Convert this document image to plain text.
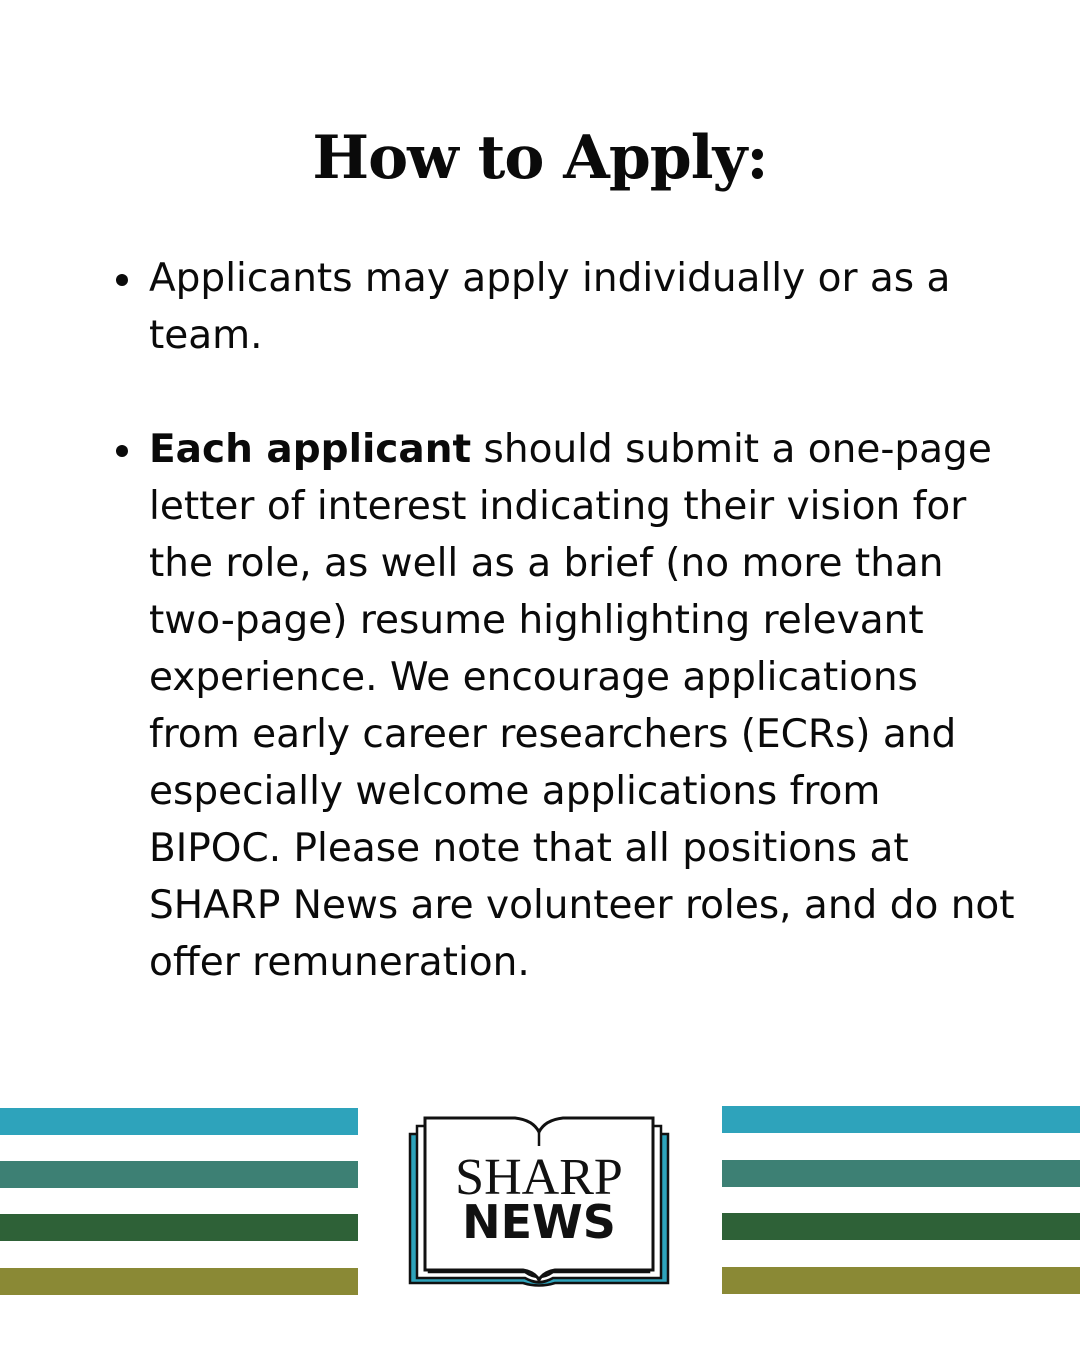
How to Apply:
Applicants may apply individually or as a team.
Each applicant should submit a one-page letter of interest indicating their vision for the role, as well as a brief (no more than two-page) resume highlighting relevant experience. We encourage applications from early career researchers (ECRs) and especially welcome applications from BIPOC. Please note that all positions at SHARP News are volunteer roles, and do not offer remuneration.
SHARP
NEWS
